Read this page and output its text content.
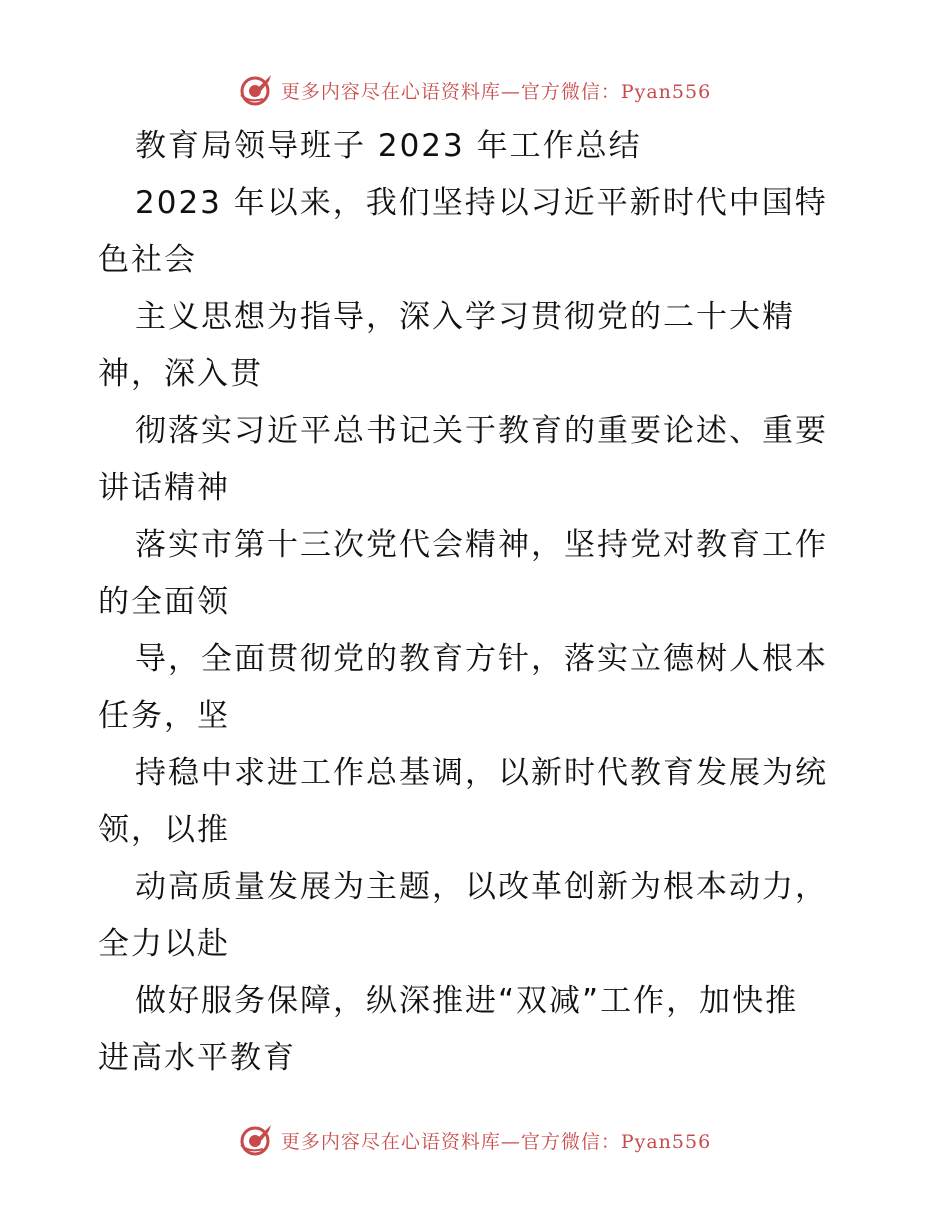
更多内容尽在心语资料库—官方微信：Pyan556
教育局领导班子 2023 年工作总结
2023 年以来，我们坚持以习近平新时代中国特
色社会
主义思想为指导，深入学习贯彻党的二十大精
神，深入贯
彻落实习近平总书记关于教育的重要论述、重要
讲话精神
落实市第十三次党代会精神，坚持党对教育工作
的全面领
导，全面贯彻党的教育方针，落实立德树人根本
任务，坚
持稳中求进工作总基调，以新时代教育发展为统
领，以推
动高质量发展为主题，以改革创新为根本动力，
全力以赴
做好服务保障，纵深推进“双减”工作，加快推
进高水平教育
更多内容尽在心语资料库—官方微信：Pyan556
